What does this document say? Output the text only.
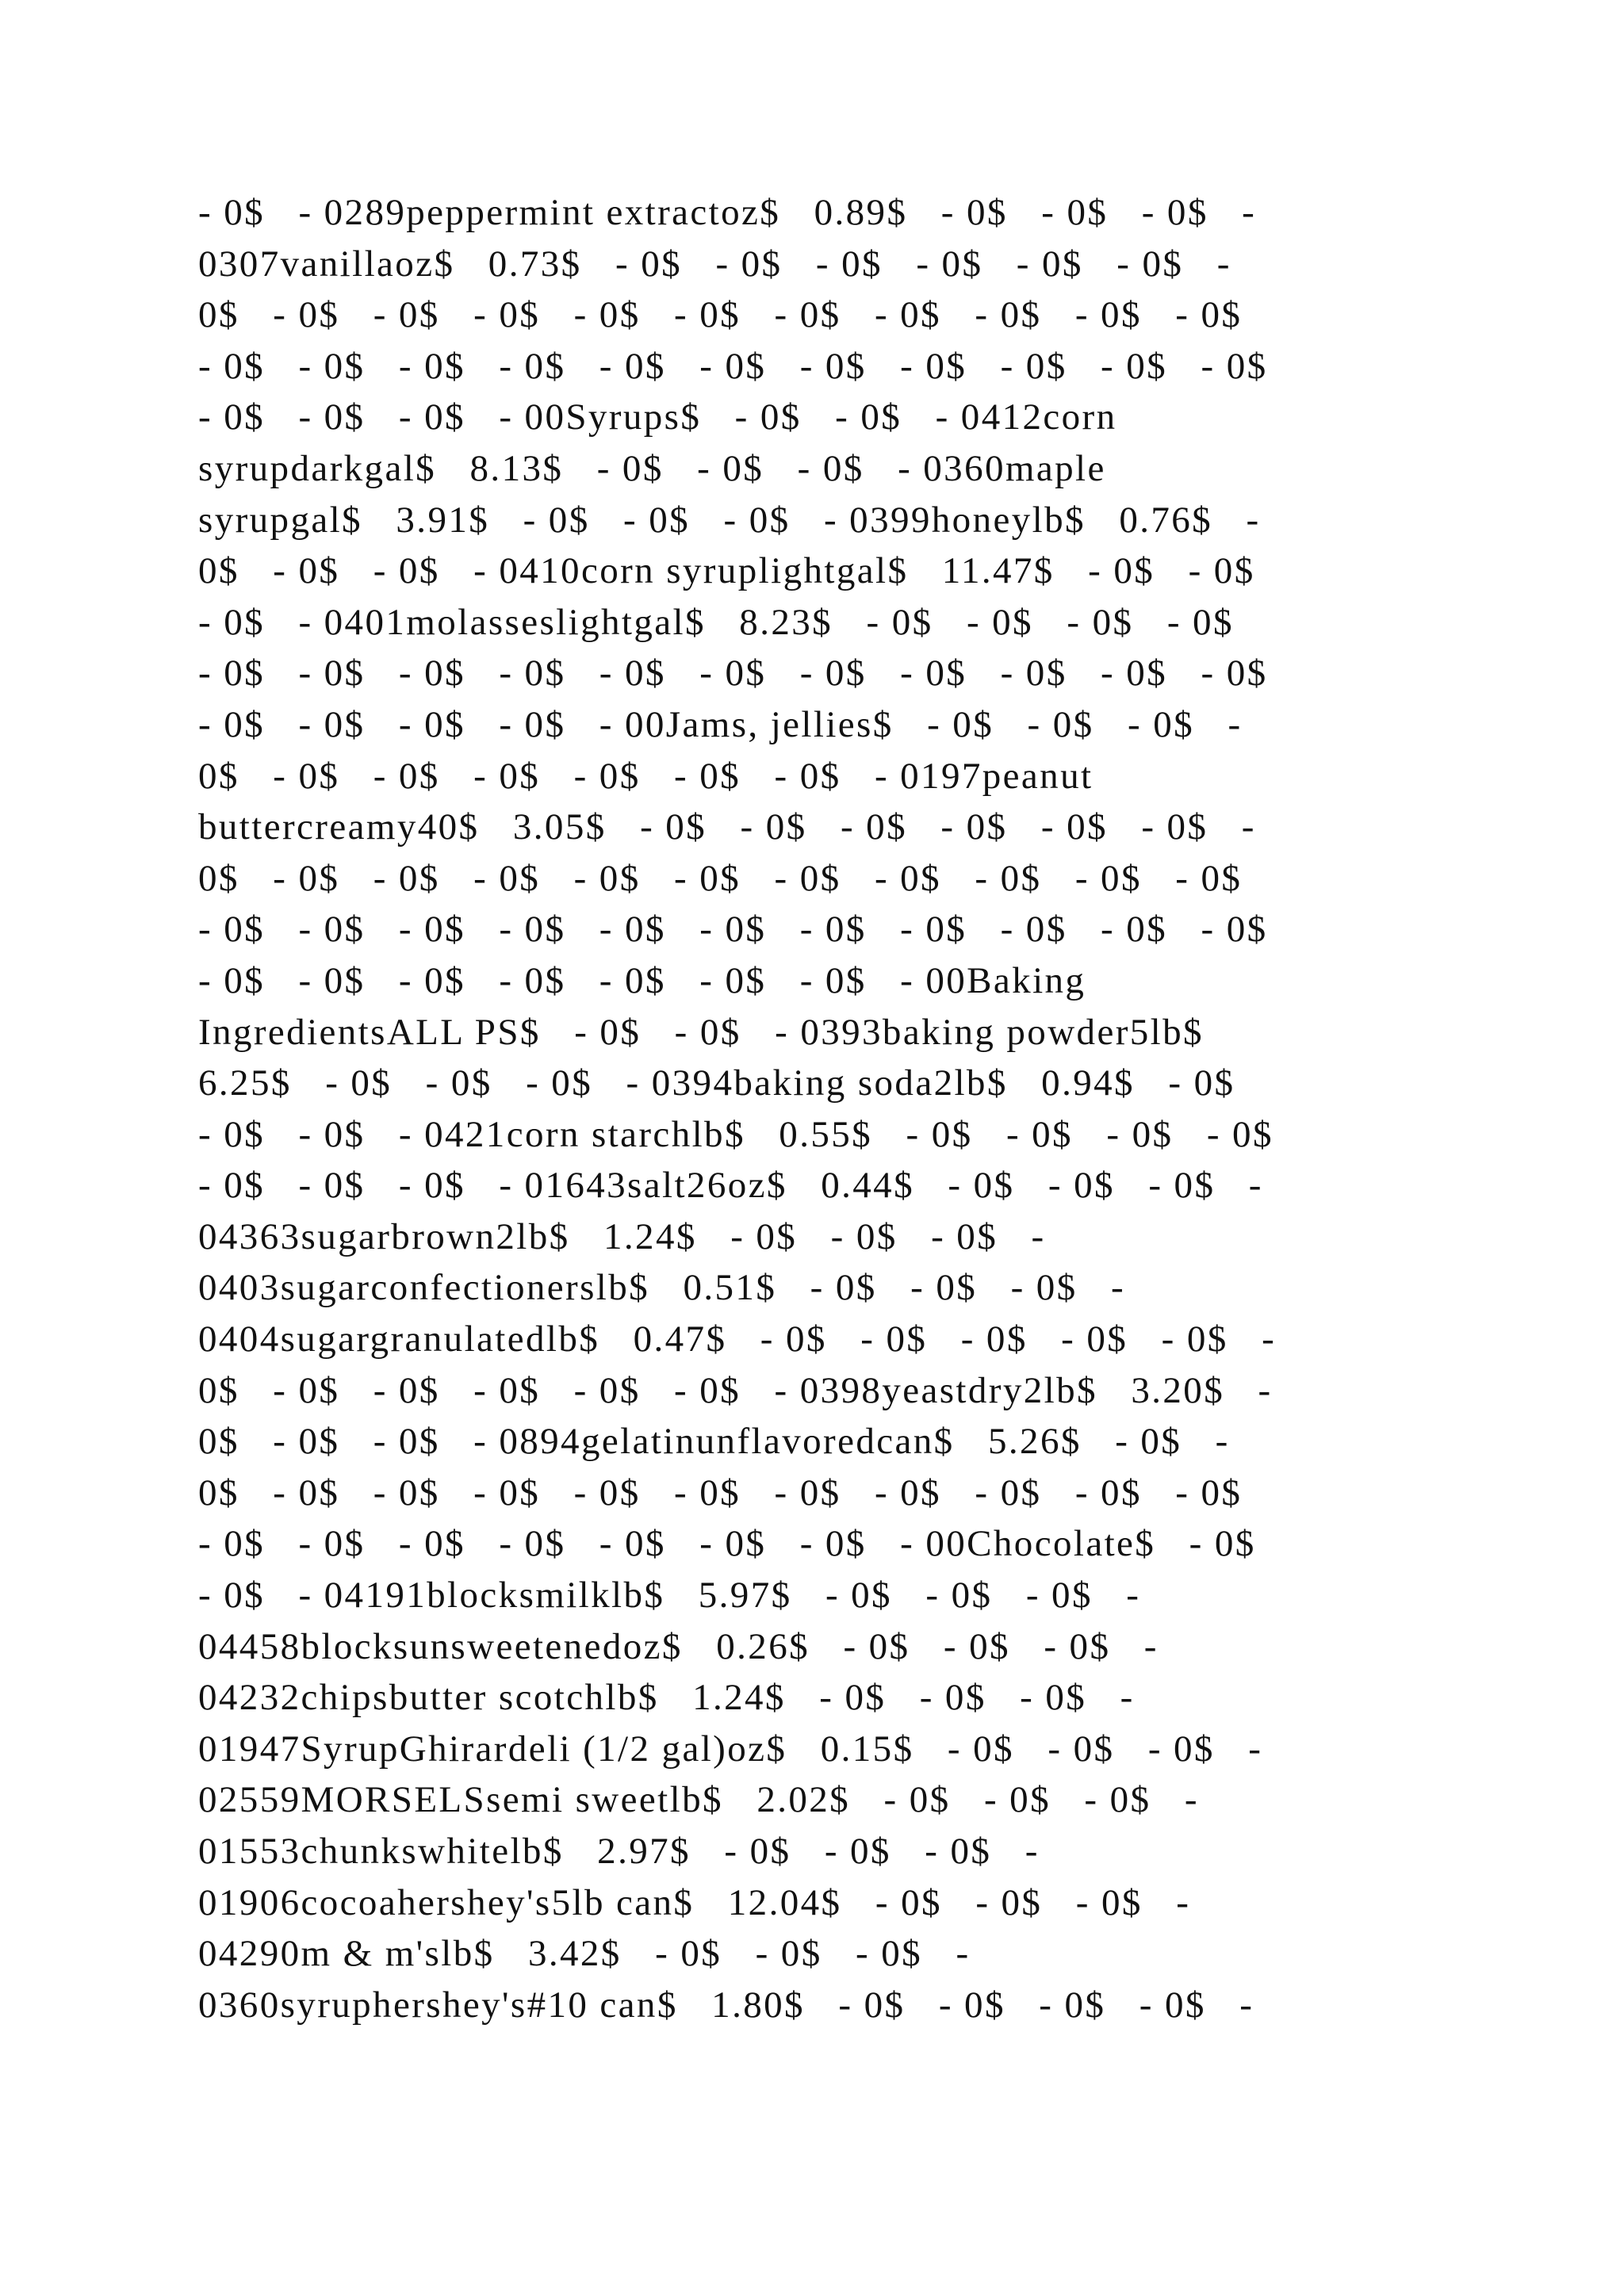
- 0$   - 0289peppermint extractoz$   0.89$   - 0$   - 0$   - 0$   -
0307vanillaoz$   0.73$   - 0$   - 0$   - 0$   - 0$   - 0$   - 0$   -
0$   - 0$   - 0$   - 0$   - 0$   - 0$   - 0$   - 0$   - 0$   - 0$   - 0$
- 0$   - 0$   - 0$   - 0$   - 0$   - 0$   - 0$   - 0$   - 0$   - 0$   - 0$
- 0$   - 0$   - 0$   - 00Syrups$   - 0$   - 0$   - 0412corn
syrupdarkgal$   8.13$   - 0$   - 0$   - 0$   - 0360maple
syrupgal$   3.91$   - 0$   - 0$   - 0$   - 0399honeylb$   0.76$   -
0$   - 0$   - 0$   - 0410corn syruplightgal$   11.47$   - 0$   - 0$
- 0$   - 0401molasseslightgal$   8.23$   - 0$   - 0$   - 0$   - 0$
- 0$   - 0$   - 0$   - 0$   - 0$   - 0$   - 0$   - 0$   - 0$   - 0$   - 0$
- 0$   - 0$   - 0$   - 0$   - 00Jams, jellies$   - 0$   - 0$   - 0$   -
0$   - 0$   - 0$   - 0$   - 0$   - 0$   - 0$   - 0197peanut
buttercreamy40$   3.05$   - 0$   - 0$   - 0$   - 0$   - 0$   - 0$   -
0$   - 0$   - 0$   - 0$   - 0$   - 0$   - 0$   - 0$   - 0$   - 0$   - 0$
- 0$   - 0$   - 0$   - 0$   - 0$   - 0$   - 0$   - 0$   - 0$   - 0$   - 0$
- 0$   - 0$   - 0$   - 0$   - 0$   - 0$   - 0$   - 00Baking
IngredientsALL PS$   - 0$   - 0$   - 0393baking powder5lb$
6.25$   - 0$   - 0$   - 0$   - 0394baking soda2lb$   0.94$   - 0$
- 0$   - 0$   - 0421corn starchlb$   0.55$   - 0$   - 0$   - 0$   - 0$
- 0$   - 0$   - 0$   - 01643salt26oz$   0.44$   - 0$   - 0$   - 0$   -
04363sugarbrown2lb$   1.24$   - 0$   - 0$   - 0$   -
0403sugarconfectionerslb$   0.51$   - 0$   - 0$   - 0$   -
0404sugargranulatedlb$   0.47$   - 0$   - 0$   - 0$   - 0$   - 0$   -
0$   - 0$   - 0$   - 0$   - 0$   - 0$   - 0398yeastdry2lb$   3.20$   -
0$   - 0$   - 0$   - 0894gelatinunflavoredcan$   5.26$   - 0$   -
0$   - 0$   - 0$   - 0$   - 0$   - 0$   - 0$   - 0$   - 0$   - 0$   - 0$
- 0$   - 0$   - 0$   - 0$   - 0$   - 0$   - 0$   - 00Chocolate$   - 0$
- 0$   - 04191blocksmilklb$   5.97$   - 0$   - 0$   - 0$   -
04458blocksunsweetenedoz$   0.26$   - 0$   - 0$   - 0$   -
04232chipsbutter scotchlb$   1.24$   - 0$   - 0$   - 0$   -
01947SyrupGhirardeli (1/2 gal)oz$   0.15$   - 0$   - 0$   - 0$   -
02559MORSELSsemi sweetlb$   2.02$   - 0$   - 0$   - 0$   -
01553chunkswhitelb$   2.97$   - 0$   - 0$   - 0$   -
01906cocoahershey's5lb can$   12.04$   - 0$   - 0$   - 0$   -
04290m & m'slb$   3.42$   - 0$   - 0$   - 0$   -
0360syruphershey's#10 can$   1.80$   - 0$   - 0$   - 0$   - 0$   -
